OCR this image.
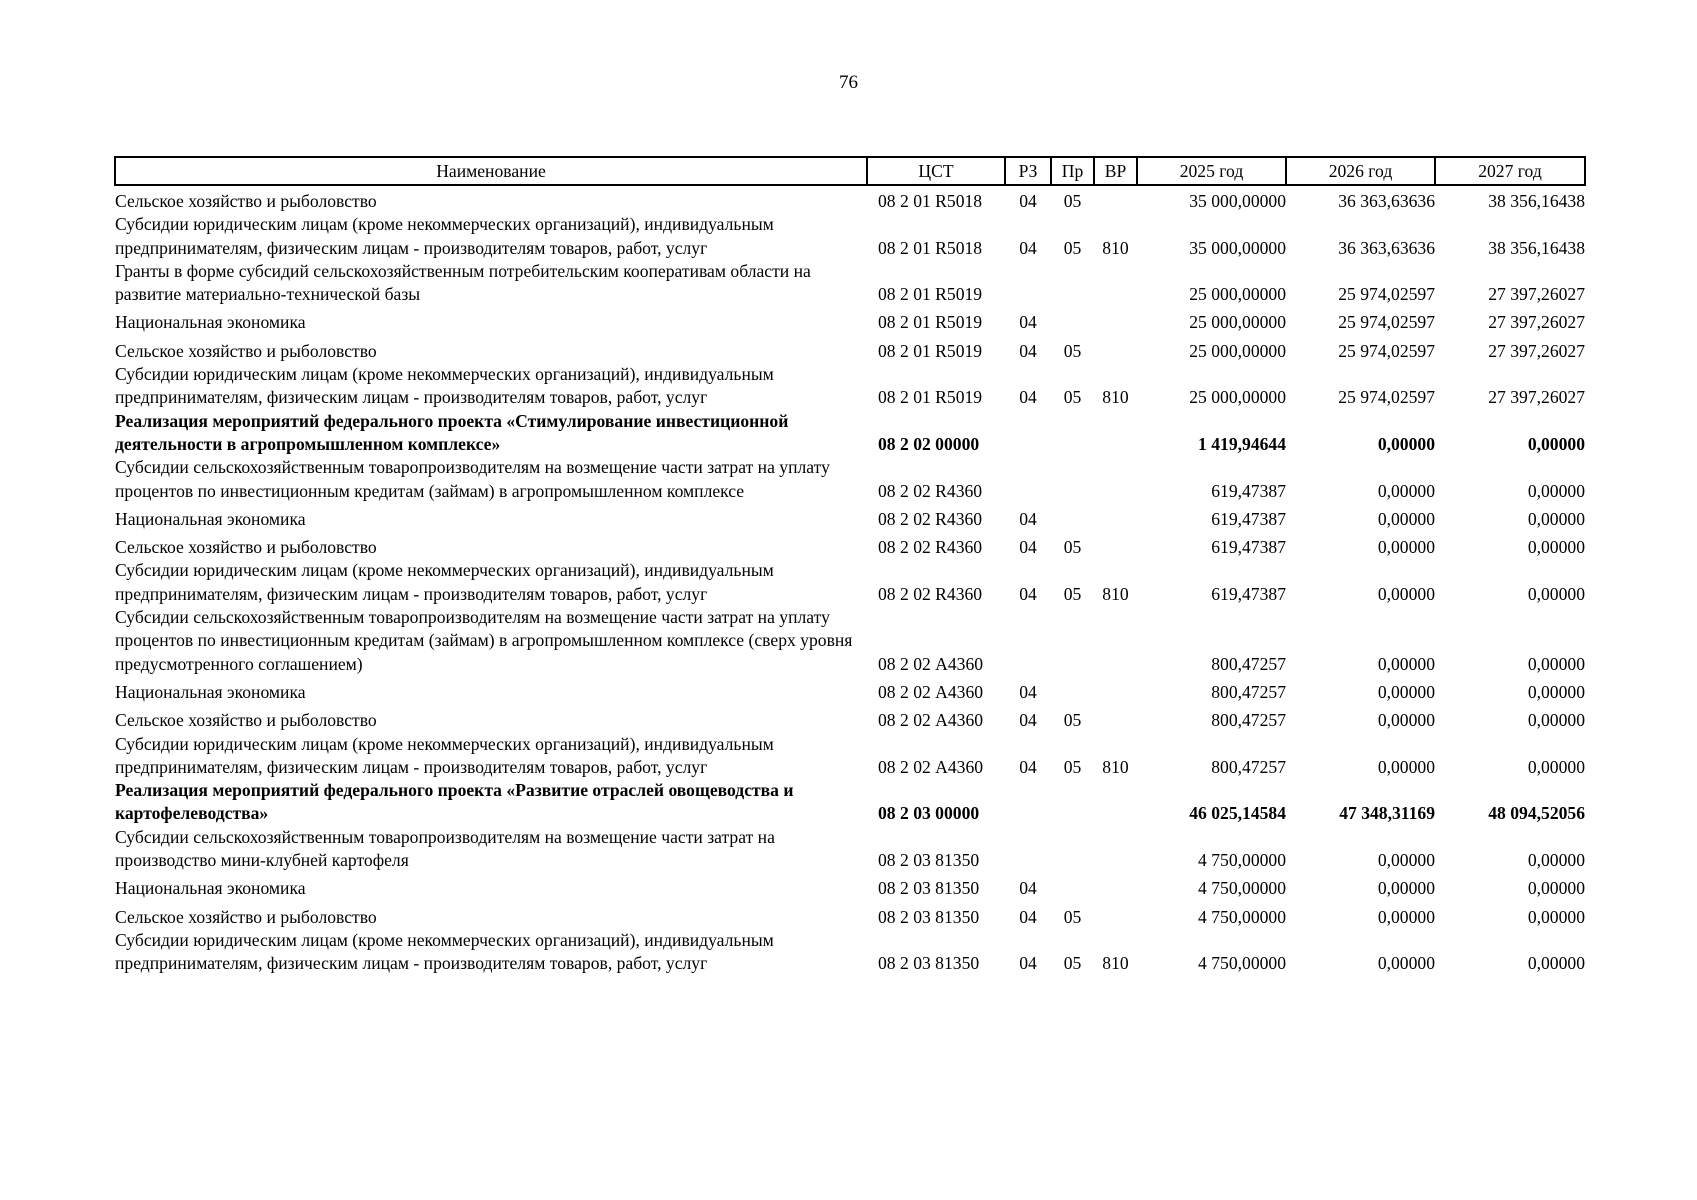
76
Наименование	ЦСТ	РЗ	Пр	ВР	2025 год	2026 год	2027 год
Сельское хозяйство и рыболовство	08 2 01 R5018	04	05		35 000,00000	36 363,63636	38 356,16438
Субсидии юридическим лицам (кроме некоммерческих организаций), индивидуальным предпринимателям, физическим лицам - производителям товаров, работ, услуг	08 2 01 R5018	04	05	810	35 000,00000	36 363,63636	38 356,16438
Гранты в форме субсидий сельскохозяйственным потребительским кооперативам области на развитие материально-технической базы	08 2 01 R5019				25 000,00000	25 974,02597	27 397,26027
Национальная экономика	08 2 01 R5019	04			25 000,00000	25 974,02597	27 397,26027
Сельское хозяйство и рыболовство	08 2 01 R5019	04	05		25 000,00000	25 974,02597	27 397,26027
Субсидии юридическим лицам (кроме некоммерческих организаций), индивидуальным предпринимателям, физическим лицам - производителям товаров, работ, услуг	08 2 01 R5019	04	05	810	25 000,00000	25 974,02597	27 397,26027
Реализация мероприятий федерального проекта «Стимулирование инвестиционной деятельности в агропромышленном комплексе»	08 2 02 00000				1 419,94644	0,00000	0,00000
Субсидии сельскохозяйственным товаропроизводителям на возмещение части затрат на уплату процентов по инвестиционным кредитам (займам) в агропромышленном комплексе	08 2 02 R4360				619,47387	0,00000	0,00000
Национальная экономика	08 2 02 R4360	04			619,47387	0,00000	0,00000
Сельское хозяйство и рыболовство	08 2 02 R4360	04	05		619,47387	0,00000	0,00000
Субсидии юридическим лицам (кроме некоммерческих организаций), индивидуальным предпринимателям, физическим лицам - производителям товаров, работ, услуг	08 2 02 R4360	04	05	810	619,47387	0,00000	0,00000
Субсидии сельскохозяйственным товаропроизводителям на возмещение части затрат на уплату процентов по инвестиционным кредитам (займам) в агропромышленном комплексе (сверх уровня предусмотренного соглашением)	08 2 02 А4360				800,47257	0,00000	0,00000
Национальная экономика	08 2 02 А4360	04			800,47257	0,00000	0,00000
Сельское хозяйство и рыболовство	08 2 02 А4360	04	05		800,47257	0,00000	0,00000
Субсидии юридическим лицам (кроме некоммерческих организаций), индивидуальным предпринимателям, физическим лицам - производителям товаров, работ, услуг	08 2 02 А4360	04	05	810	800,47257	0,00000	0,00000
Реализация мероприятий федерального проекта «Развитие отраслей овощеводства и картофелеводства»	08 2 03 00000				46 025,14584	47 348,31169	48 094,52056
Субсидии сельскохозяйственным товаропроизводителям на возмещение части затрат на производство мини-клубней картофеля	08 2 03 81350				4 750,00000	0,00000	0,00000
Национальная экономика	08 2 03 81350	04			4 750,00000	0,00000	0,00000
Сельское хозяйство и рыболовство	08 2 03 81350	04	05		4 750,00000	0,00000	0,00000
Субсидии юридическим лицам (кроме некоммерческих организаций), индивидуальным предпринимателям, физическим лицам - производителям товаров, работ, услуг	08 2 03 81350	04	05	810	4 750,00000	0,00000	0,00000
